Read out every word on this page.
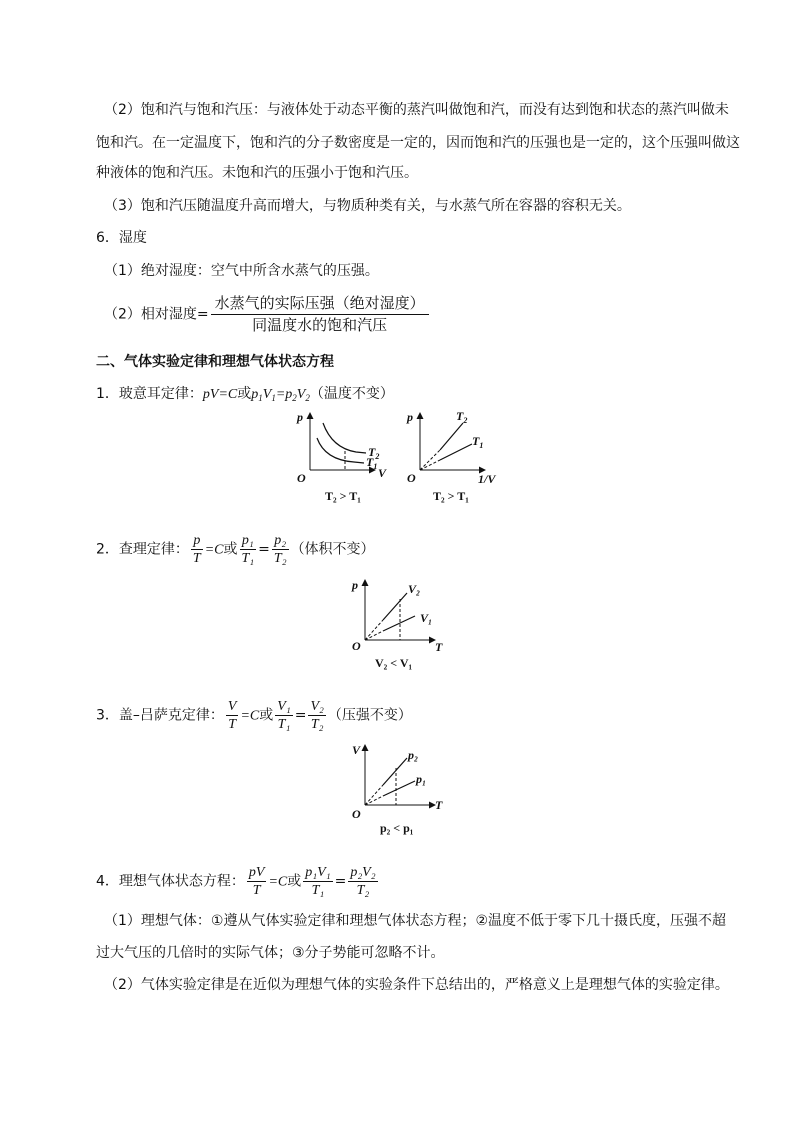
（2）饱和汽与饱和汽压：与液体处于动态平衡的蒸汽叫做饱和汽，而没有达到饱和状态的蒸汽叫做未
饱和汽。在一定温度下，饱和汽的分子数密度是一定的，因而饱和汽的压强也是一定的，这个压强叫做这
种液体的饱和汽压。未饱和汽的压强小于饱和汽压。
（3）饱和汽压随温度升高而增大，与物质种类有关，与水蒸气所在容器的容积无关。
6．湿度
（1）绝对湿度：空气中所含水蒸气的压强。
（2）相对湿度= $\frac{\text{水蒸气的实际压强（绝对湿度）}}{\text{同温度水的饱和汽压}}$
二、气体实验定律和理想气体状态方程
1．玻意耳定律：pV=C或$p_1V_1=p_2V_2$（温度不变）
p
V
O
$T_2$
$T_1$
T₂ > T₁
p
1/V
O
$T_2$
$T_1$
T₂ > T₁
2．查理定律： $\frac{p}{T} =C$或 $\frac{\text{p₁}}{\text{T₁}} = \frac{\text{p₂}}{\text{T₂}}$ （体积不变）
p
T
O
V₂
V₁
V₂ < V₁
3．盖–吕萨克定律： $\frac{V}{T} =C$或 $\frac{\text{V₁}}{\text{T₁}} = \frac{\text{V₂}}{\text{T₂}}$ （压强不变）
V
T
O
p₂
p₁
p₂ < p₁
4．理想气体状态方程： $\frac{pV}{T} =C$或 $\frac{\text{p₁V₁}}{\text{T₁}} = \frac{\text{p₂V₂}}{\text{T₂}}$
（1）理想气体：①遵从气体实验定律和理想气体状态方程；②温度不低于零下几十摄氏度，压强不超
过大气压的几倍时的实际气体；③分子势能可忽略不计。
（2）气体实验定律是在近似为理想气体的实验条件下总结出的，严格意义上是理想气体的实验定律。
